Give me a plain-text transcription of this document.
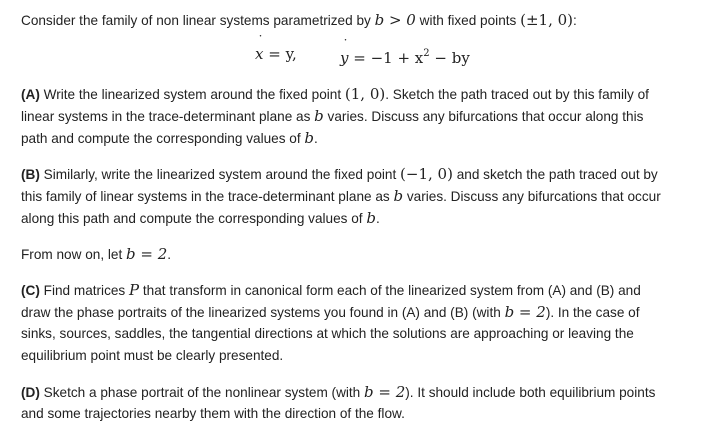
Consider the family of non linear systems parametrized by b > 0 with fixed points (±1, 0):
˙
x = y,	˙
$y = -1 + x^2$ − by
(A) Write the linearized system around the fixed point (1, 0). Sketch the path traced out by this family of
linear systems in the trace-determinant plane as b varies. Discuss any bifurcations that occur along this
path and compute the corresponding values of b.
(B) Similarly, write the linearized system around the fixed point (−1, 0) and sketch the path traced out by
this family of linear systems in the trace-determinant plane as b varies. Discuss any bifurcations that occur
along this path and compute the corresponding values of b.
From now on, let b = 2.
(C) Find matrices P that transform in canonical form each of the linearized system from (A) and (B) and
draw the phase portraits of the linearized systems you found in (A) and (B) (with b = 2). In the case of
sinks, sources, saddles, the tangential directions at which the solutions are approaching or leaving the
equilibrium point must be clearly presented.
(D) Sketch a phase portrait of the nonlinear system (with b = 2). It should include both equilibrium points
and some trajectories nearby them with the direction of the flow.
